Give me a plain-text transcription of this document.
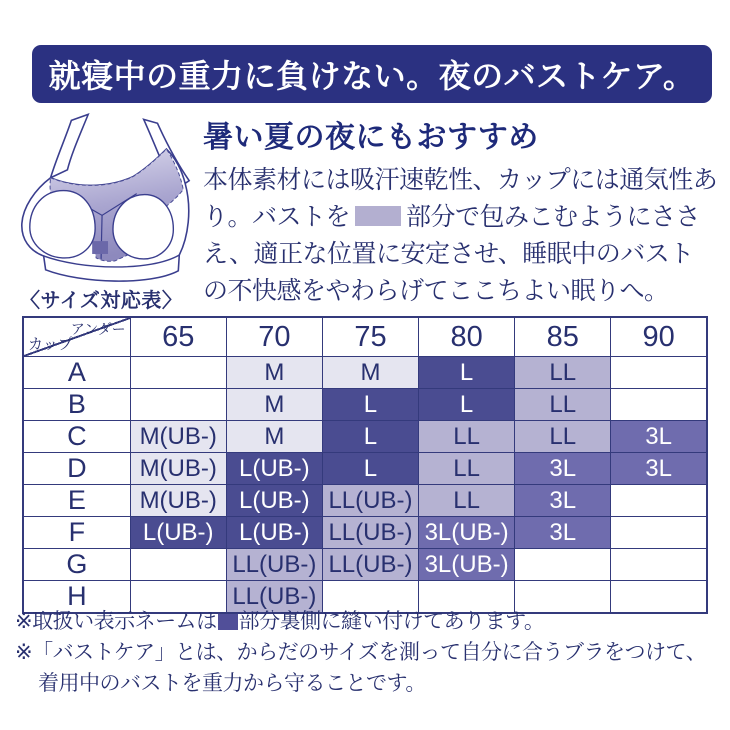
就寝中の重力に負けない。夜のバストケア。

暑い夏の夜にもおすすめ

本体素材には吸汗速乾性、カップには通気性あり。バストを 部分で包みこむようにささえ、適正な位置に安定させ、睡眠中のバストの不快感をやわらげてここちよい眠りへ。

〈サイズ対応表〉
アンダー
カップ	65	70	75	80	85	90
A		M	M	L	LL	
B		M	L	L	LL	
C	M(UB-)	M	L	LL	LL	3L
D	M(UB-)	L(UB-)	L	LL	3L	3L
E	M(UB-)	L(UB-)	LL(UB-)	LL	3L	
F	L(UB-)	L(UB-)	LL(UB-)	3L(UB-)	3L	
G		LL(UB-)	LL(UB-)	3L(UB-)		
H		LL(UB-)				

※取扱い表示ネームは 部分裏側に縫い付けてあります。

※「バストケア」とは、からだのサイズを測って自分に合うブラをつけて、

着用中のバストを重力から守ることです。
